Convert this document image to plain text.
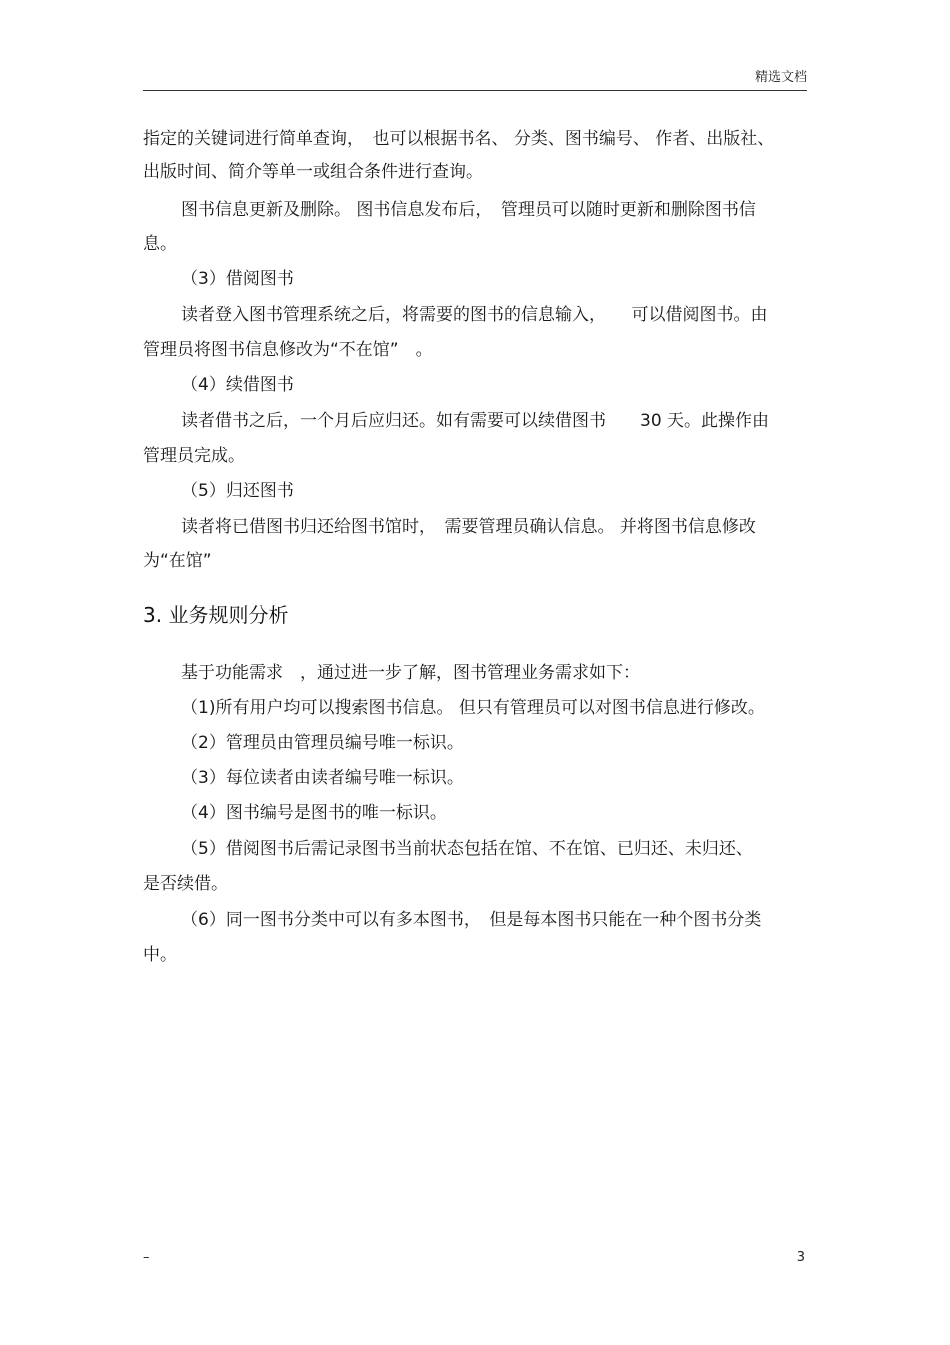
精选文档
指定的关键词进行简单查询，　也可以根据书名、 分类、图书编号、 作者、出版社、
出版时间、简介等单一或组合条件进行查询。
图书信息更新及删除。 图书信息发布后，　管理员可以随时更新和删除图书信
息。
（3）借阅图书
读者登入图书管理系统之后，将需要的图书的信息输入，　　可以借阅图书。由
管理员将图书信息修改为“不在馆”　。
（4）续借图书
读者借书之后，一个月后应归还。如有需要可以续借图书　　30 天。此操作由
管理员完成。
（5）归还图书
读者将已借图书归还给图书馆时，　需要管理员确认信息。 并将图书信息修改
为“在馆”
3. 业务规则分析
基于功能需求　，通过进一步了解，图书管理业务需求如下：
（1)所有用户均可以搜索图书信息。 但只有管理员可以对图书信息进行修改。
（2）管理员由管理员编号唯一标识。
（3）每位读者由读者编号唯一标识。
（4）图书编号是图书的唯一标识。
（5）借阅图书后需记录图书当前状态包括在馆、不在馆、已归还、未归还、
是否续借。
（6）同一图书分类中可以有多本图书，　但是每本图书只能在一种个图书分类
中。
–	3
